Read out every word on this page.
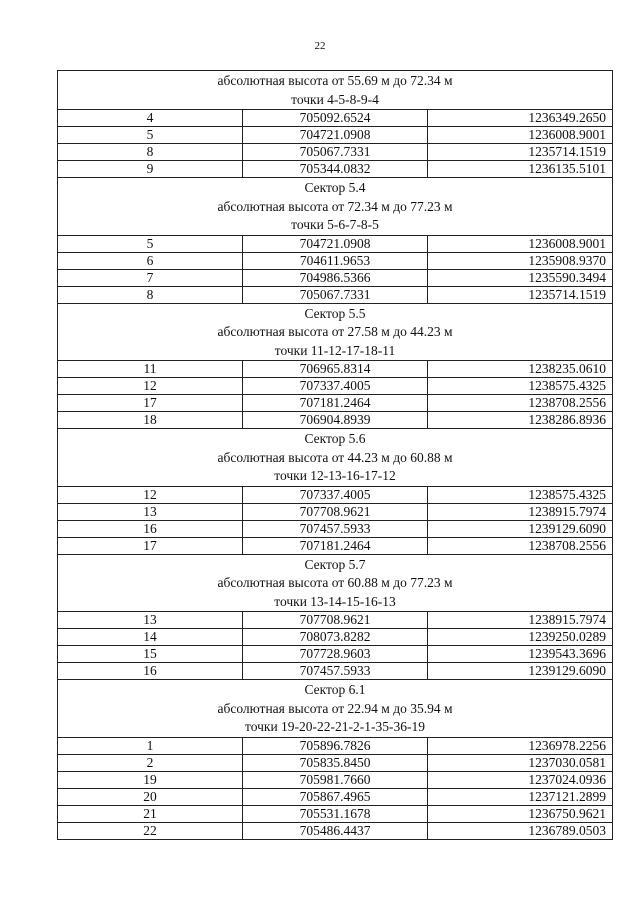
22
абсолютная высота от 55.69 м до 72.34 м
точки 4-5-8-9-4		

4	705092.6524	1236349.2650
5	704721.0908	1236008.9001
8	705067.7331	1235714.1519
9	705344.0832	1236135.5101

Сектор 5.4
абсолютная высота от 72.34 м до 77.23 м
точки 5-6-7-8-5		

5	704721.0908	1236008.9001
6	704611.9653	1235908.9370
7	704986.5366	1235590.3494
8	705067.7331	1235714.1519

Сектор 5.5
абсолютная высота от 27.58 м до 44.23 м
точки 11-12-17-18-11		

11	706965.8314	1238235.0610
12	707337.4005	1238575.4325
17	707181.2464	1238708.2556
18	706904.8939	1238286.8936

Сектор 5.6
абсолютная высота от 44.23 м до 60.88 м
точки 12-13-16-17-12		

12	707337.4005	1238575.4325
13	707708.9621	1238915.7974
16	707457.5933	1239129.6090
17	707181.2464	1238708.2556

Сектор 5.7
абсолютная высота от 60.88 м до 77.23 м
точки 13-14-15-16-13		

13	707708.9621	1238915.7974
14	708073.8282	1239250.0289
15	707728.9603	1239543.3696
16	707457.5933	1239129.6090

Сектор 6.1
абсолютная высота от 22.94 м до 35.94 м
точки 19-20-22-21-2-1-35-36-19		

1	705896.7826	1236978.2256
2	705835.8450	1237030.0581
19	705981.7660	1237024.0936
20	705867.4965	1237121.2899
21	705531.1678	1236750.9621
22	705486.4437	1236789.0503
